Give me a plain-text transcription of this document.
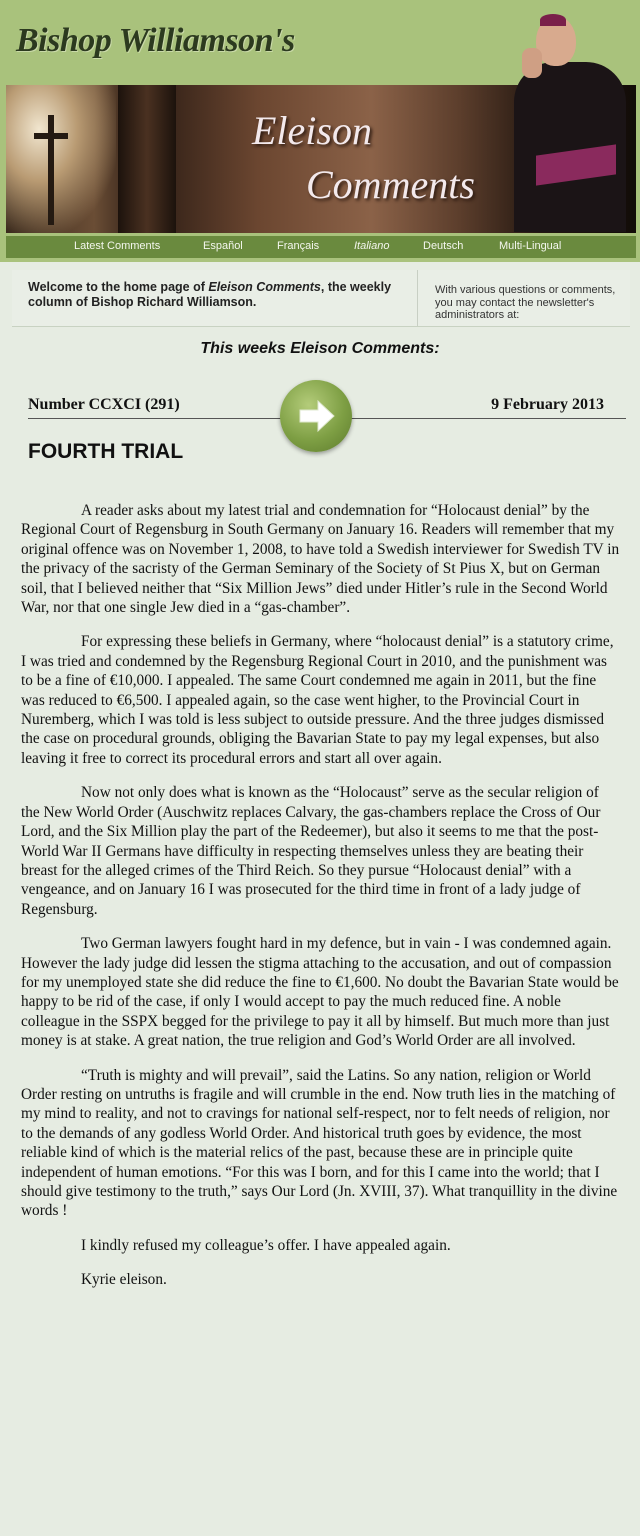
Bishop Williamson's
Eleison
Comments
Latest Comments	Español	Français	Italiano	Deutsch	Multi-Lingual
Welcome to the home page of Eleison Comments, the weekly column of Bishop Richard Williamson.
With various questions or comments, you may contact the newsletter's administrators at:
This weeks Eleison Comments:
Number CCXCI (291)	9 February 2013
FOURTH TRIAL

A reader asks about my latest trial and condemnation for “Holocaust denial” by the Regional Court of Regensburg in South Germany on January 16. Readers will remember that my original offence was on November 1, 2008, to have told a Swedish interviewer for Swedish TV in the privacy of the sacristy of the German Seminary of the Society of St Pius X, but on German soil, that I believed neither that “Six Million Jews” died under Hitler’s rule in the Second World War, nor that one single Jew died in a “gas-chamber”.

For expressing these beliefs in Germany, where “holocaust denial” is a statutory crime, I was tried and condemned by the Regensburg Regional Court in 2010, and the punishment was to be a fine of €10,000. I appealed. The same Court condemned me again in 2011, but the fine was reduced to €6,500. I appealed again, so the case went higher, to the Provincial Court in Nuremberg, which I was told is less subject to outside pressure. And the three judges dismissed the case on procedural grounds, obliging the Bavarian State to pay my legal expenses, but also leaving it free to correct its procedural errors and start all over again.

Now not only does what is known as the “Holocaust” serve as the secular religion of the New World Order (Auschwitz replaces Calvary, the gas-chambers replace the Cross of Our Lord, and the Six Million play the part of the Redeemer), but also it seems to me that the post-World War II Germans have difficulty in respecting themselves unless they are beating their breast for the alleged crimes of the Third Reich. So they pursue “Holocaust denial” with a vengeance, and on January 16 I was prosecuted for the third time in front of a lady judge of Regensburg.

Two German lawyers fought hard in my defence, but in vain - I was condemned again. However the lady judge did lessen the stigma attaching to the accusation, and out of compassion for my unemployed state she did reduce the fine to €1,600. No doubt the Bavarian State would be happy to be rid of the case, if only I would accept to pay the much reduced fine. A noble colleague in the SSPX begged for the privilege to pay it all by himself. But much more than just money is at stake. A great nation, the true religion and God’s World Order are all involved.

“Truth is mighty and will prevail”, said the Latins. So any nation, religion or World Order resting on untruths is fragile and will crumble in the end. Now truth lies in the matching of my mind to reality, and not to cravings for national self-respect, nor to felt needs of religion, nor to the demands of any godless World Order. And historical truth goes by evidence, the most reliable kind of which is the material relics of the past, because these are in principle quite independent of human emotions. “For this was I born, and for this I came into the world; that I should give testimony to the truth,” says Our Lord (Jn. XVIII, 37). What tranquillity in the divine words !

I kindly refused my colleague’s offer. I have appealed again.

Kyrie eleison.
